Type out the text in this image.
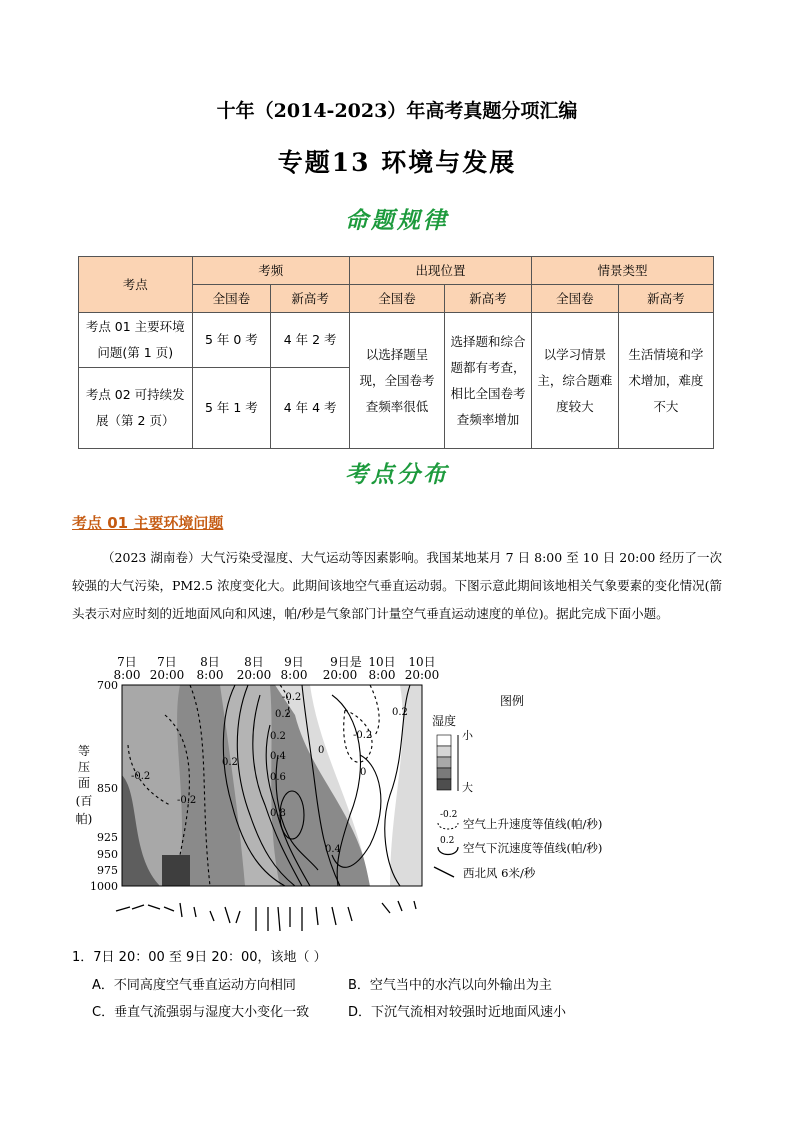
十年（2014-2023）年高考真题分项汇编
专题13 环境与发展
命题规律
考点	考频		出现位置		情景类型	
	全国卷	新高考	全国卷	新高考	全国卷	新高考
考点 01 主要环境问题(第 1 页)	5 年 0 考	4 年 2 考	以选择题呈现，全国卷考查频率很低	选择题和综合题都有考查，相比全国卷考查频率增加	以学习情景主，综合题难度较大	生活情境和学术增加，难度不大
考点 02 可持续发展（第 2 页）	5 年 1 考	4 年 4 考				
考点分布
考点 01 主要环境问题
（2023 湖南卷）大气污染受湿度、大气运动等因素影响。我国某地某月 7 日 8:00 至 10 日 20:00 经历了一次较强的大气污染，PM2.5 浓度变化大。此期间该地空气垂直运动弱。下图示意此期间该地相关气象要素的变化情况(箭头表示对应时刻的近地面风向和风速，帕/秒是气象部门计量空气垂直运动速度的单位)。据此完成下面小题。
7日
8:00
7日
20:00
8日
8:00
8日
20:00
9日
8:00
9日是
20:00
10日
8:00
10日
20:00
-0.2
-0.2
0.2
-0.2
0.2
0.4
0.6
0.8
0.2
0
-0.2
0.2
0
0.4
700
850
925
950
975
1000
等
压
面
(百
帕)
图例
湿度
小
大
-0.2
空气上升速度等值线(帕/秒)
0.2 空气下沉速度等值线(帕/秒)
西北风 6米/秒
1．7日 20：00 至 9日 20：00，该地（ ）
A．不同高度空气垂直运动方向相同	B．空气当中的水汽以向外输出为主
C．垂直气流强弱与湿度大小变化一致	D．下沉气流相对较强时近地面风速小
